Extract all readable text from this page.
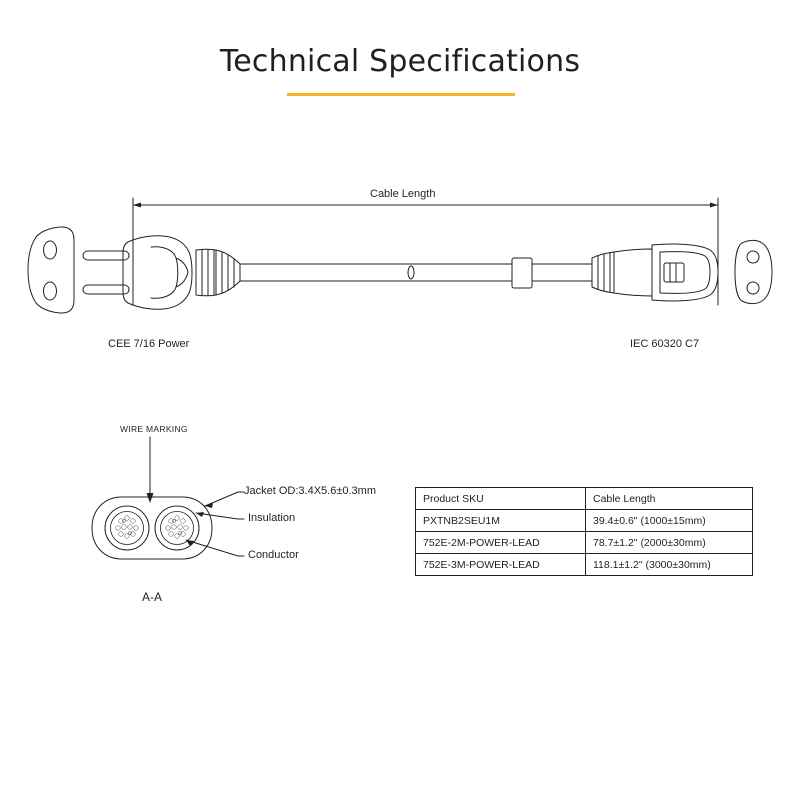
Technical Specifications
Cable Length
CEE 7/16 Power	IEC 60320 C7
WIRE MARKING
Jacket OD:3.4X5.6±0.3mm
Insulation
Conductor
A-A
Product SKU	Cable Length
PXTNB2SEU1M	39.4±0.6" (1000±15mm)
752E-2M-POWER-LEAD	78.7±1.2" (2000±30mm)
752E-3M-POWER-LEAD	118.1±1.2" (3000±30mm)
